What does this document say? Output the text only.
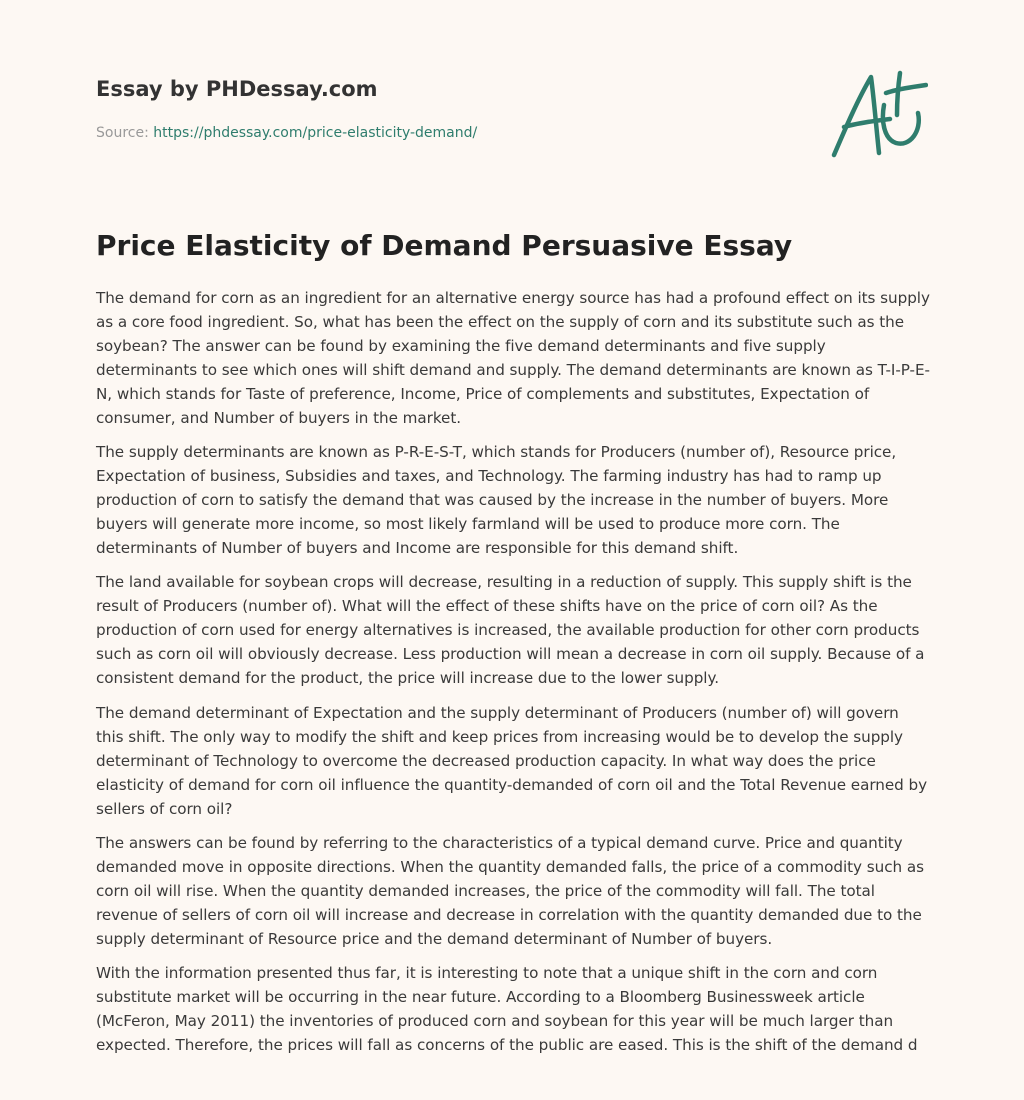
Essay by PHDessay.com
Source: https://phdessay.com/price-elasticity-demand/
Price Elasticity of Demand Persuasive Essay

The demand for corn as an ingredient for an alternative energy source has had a profound effect on its supply as a core food ingredient. So, what has been the effect on the supply of corn and its substitute such as the soybean? The answer can be found by examining the five demand determinants and five supply determinants to see which ones will shift demand and supply. The demand determinants are known as T-I-P-E-N, which stands for Taste of preference, Income, Price of complements and substitutes, Expectation of consumer, and Number of buyers in the market.

The supply determinants are known as P-R-E-S-T, which stands for Producers (number of), Resource price, Expectation of business, Subsidies and taxes, and Technology. The farming industry has had to ramp up production of corn to satisfy the demand that was caused by the increase in the number of buyers. More buyers will generate more income, so most likely farmland will be used to produce more corn. The determinants of Number of buyers and Income are responsible for this demand shift.

The land available for soybean crops will decrease, resulting in a reduction of supply. This supply shift is the result of Producers (number of). What will the effect of these shifts have on the price of corn oil? As the production of corn used for energy alternatives is increased, the available production for other corn products such as corn oil will obviously decrease. Less production will mean a decrease in corn oil supply. Because of a consistent demand for the product, the price will increase due to the lower supply.

The demand determinant of Expectation and the supply determinant of Producers (number of) will govern this shift. The only way to modify the shift and keep prices from increasing would be to develop the supply determinant of Technology to overcome the decreased production capacity. In what way does the price elasticity of demand for corn oil influence the quantity-demanded of corn oil and the Total Revenue earned by sellers of corn oil?

The answers can be found by referring to the characteristics of a typical demand curve. Price and quantity demanded move in opposite directions. When the quantity demanded falls, the price of a commodity such as corn oil will rise. When the quantity demanded increases, the price of the commodity will fall. The total revenue of sellers of corn oil will increase and decrease in correlation with the quantity demanded due to the supply determinant of Resource price and the demand determinant of Number of buyers.

With the information presented thus far, it is interesting to note that a unique shift in the corn and corn substitute market will be occurring in the near future. According to a Bloomberg Businessweek article (McFeron, May 2011) the inventories of produced corn and soybean for this year will be much larger than expected. Therefore, the prices will fall as concerns of the public are eased. This is the shift of the demand d
